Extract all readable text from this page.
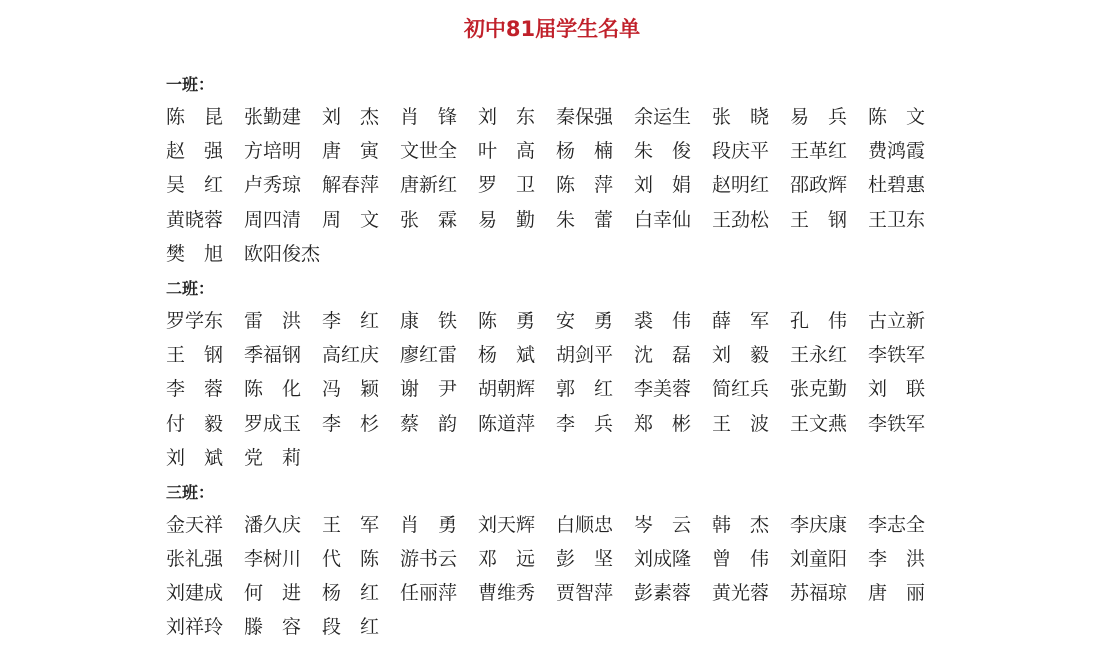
初中81届学生名单
一班：
陈 昆 张勤建 刘 杰 肖 锋 刘 东 秦保强 余运生 张 晓 易 兵 陈 文
赵 强 方培明 唐 寅 文世全 叶 高 杨 楠 朱 俊 段庆平 王革红 费鸿霞
吴 红 卢秀琼 解春萍 唐新红 罗 卫 陈 萍 刘 娟 赵明红 邵政辉 杜碧惠
黄晓蓉 周四清 周 文 张 霖 易 勤 朱 蕾 白幸仙 王劲松 王 钢 王卫东
樊 旭 欧阳俊杰
二班：
罗学东 雷 洪 李 红 康 铁 陈 勇 安 勇 裘 伟 薛 军 孔 伟 古立新
王 钢 季福钢 高红庆 廖红雷 杨 斌 胡剑平 沈 磊 刘 毅 王永红 李铁军
李 蓉 陈 化 冯 颖 谢 尹 胡朝辉 郭 红 李美蓉 简红兵 张克勤 刘 联
付 毅 罗成玉 李 杉 蔡 韵 陈道萍 李 兵 郑 彬 王 波 王文燕 李铁军
刘 斌 党 莉
三班：
金天祥 潘久庆 王 军 肖 勇 刘天辉 白顺忠 岑 云 韩 杰 李庆康 李志全
张礼强 李树川 代 陈 游书云 邓 远 彭 坚 刘成隆 曾 伟 刘童阳 李 洪
刘建成 何 进 杨 红 任丽萍 曹维秀 贾智萍 彭素蓉 黄光蓉 苏福琼 唐 丽
刘祥玲 滕 容 段 红
